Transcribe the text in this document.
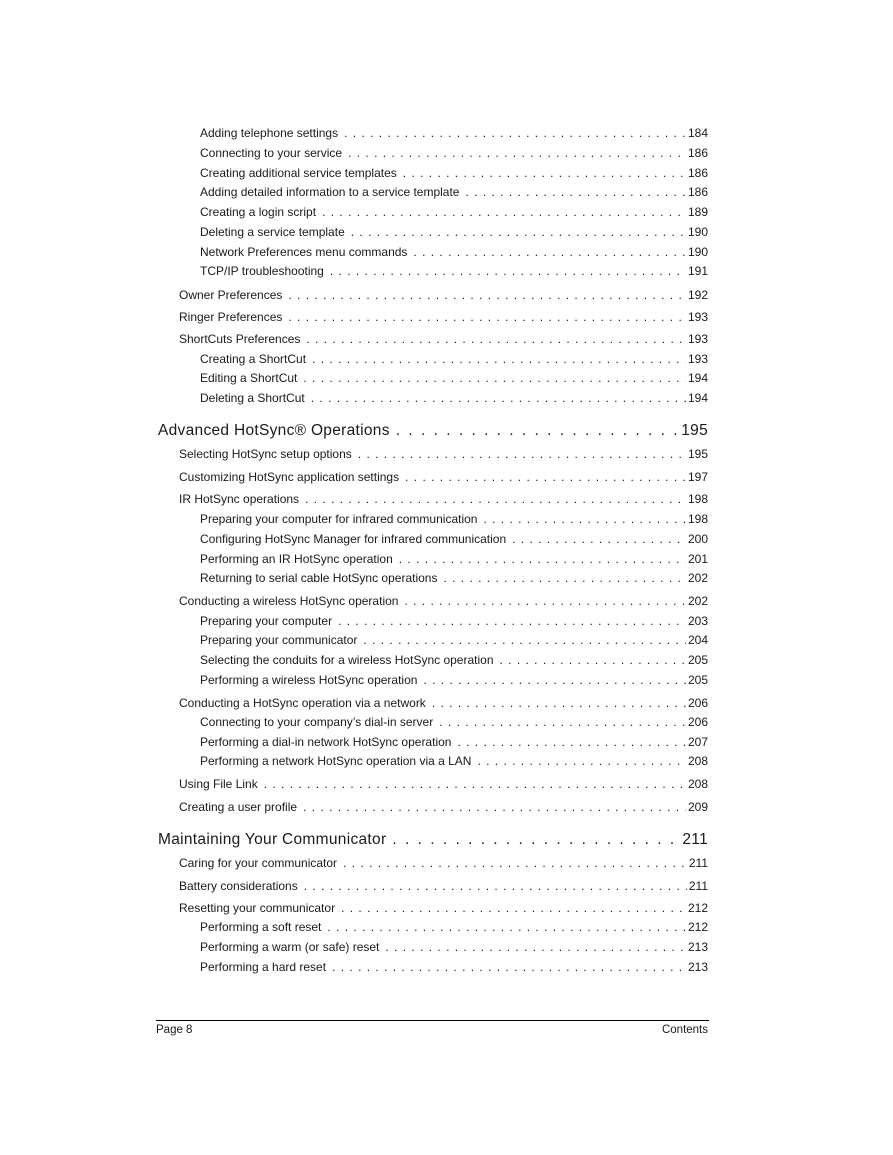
Adding telephone settings . . .	184
Connecting to your service . . .	186
Creating additional service templates . . .	186
Adding detailed information to a service template . . .	186
Creating a login script . . .	189
Deleting a service template . . .	190
Network Preferences menu commands . . .	190
TCP/IP troubleshooting . . .	191
Owner Preferences . . .	192
Ringer Preferences . . .	193
ShortCuts Preferences . . .	193
Creating a ShortCut . . .	193
Editing a ShortCut . . .	194
Deleting a ShortCut . . .	194
Advanced HotSync® Operations . . .	195
Selecting HotSync setup options . . .	195
Customizing HotSync application settings . . .	197
IR HotSync operations . . .	198
Preparing your computer for infrared communication . . .	198
Configuring HotSync Manager for infrared communication . . .	200
Performing an IR HotSync operation . . .	201
Returning to serial cable HotSync operations . . .	202
Conducting a wireless HotSync operation . . .	202
Preparing your computer . . .	203
Preparing your communicator . . .	204
Selecting the conduits for a wireless HotSync operation . . .	205
Performing a wireless HotSync operation . . .	205
Conducting a HotSync operation via a network . . .	206
Connecting to your company’s dial-in server . . .	206
Performing a dial-in network HotSync operation . . .	207
Performing a network HotSync operation via a LAN . . .	208
Using File Link . . .	208
Creating a user profile . . .	209
Maintaining Your Communicator . . .	211
Caring for your communicator . . .	211
Battery considerations . . .	211
Resetting your communicator . . .	212
Performing a soft reset . . .	212
Performing a warm (or safe) reset . . .	213
Performing a hard reset . . .	213
Page 8	Contents
